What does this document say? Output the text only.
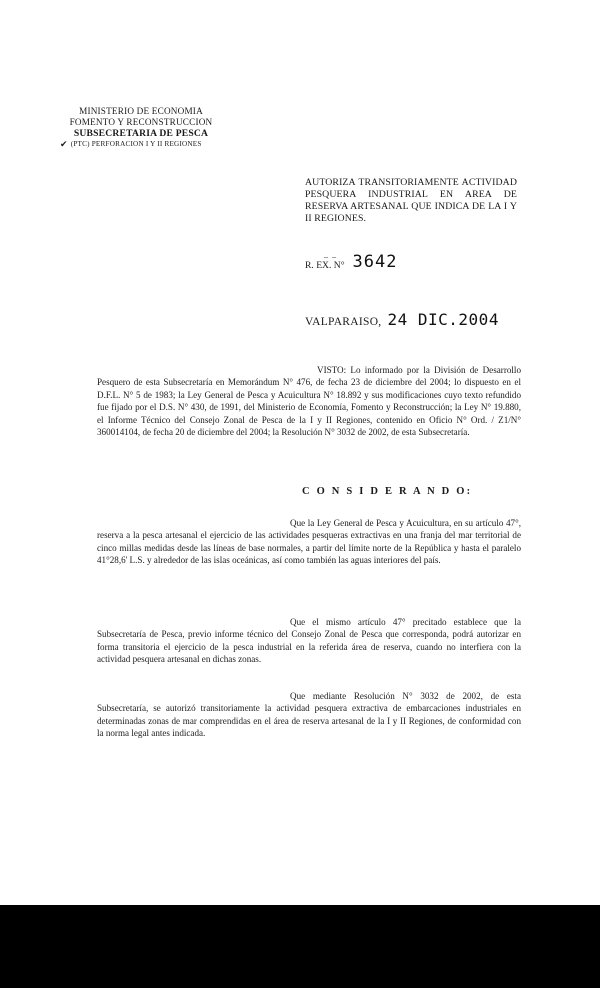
MINISTERIO DE ECONOMIA
FOMENTO Y RECONSTRUCCION
SUBSECRETARIA DE PESCA
✔ (PTC) PERFORACION I Y II REGIONES
AUTORIZA TRANSITORIAMENTE ACTIVIDAD PESQUERA INDUSTRIAL EN AREA DE RESERVA ARTESANAL QUE INDICA DE LA I Y II REGIONES.
– –
R. EX. N° 3642
VALPARAISO, 24 DIC.2004
VISTO: Lo informado por la División de Desarrollo Pesquero de esta Subsecretaría en Memorándum N° 476, de fecha 23 de diciembre del 2004; lo dispuesto en el D.F.L. N° 5 de 1983; la Ley General de Pesca y Acuicultura N° 18.892 y sus modificaciones cuyo texto refundido fue fijado por el D.S. N° 430, de 1991, del Ministerio de Economía, Fomento y Reconstrucción; la Ley N° 19.880, el Informe Técnico del Consejo Zonal de Pesca de la I y II Regiones, contenido en Oficio N° Ord. / Z1/N° 360014104, de fecha 20 de diciembre del 2004; la Resolución N° 3032 de 2002, de esta Subsecretaría.
C O N S I D E R A N D O:
Que la Ley General de Pesca y Acuicultura, en su artículo 47°, reserva a la pesca artesanal el ejercicio de las actividades pesqueras extractivas en una franja del mar territorial de cinco millas medidas desde las líneas de base normales, a partir del límite norte de la República y hasta el paralelo 41°28,6' L.S. y alrededor de las islas oceánicas, así como también las aguas interiores del país.
Que el mismo artículo 47° precitado establece que la Subsecretaría de Pesca, previo informe técnico del Consejo Zonal de Pesca que corresponda, podrá autorizar en forma transitoria el ejercicio de la pesca industrial en la referida área de reserva, cuando no interfiera con la actividad pesquera artesanal en dichas zonas.
Que mediante Resolución N° 3032 de 2002, de esta Subsecretaría, se autorizó transitoriamente la actividad pesquera extractiva de embarcaciones industriales en determinadas zonas de mar comprendidas en el área de reserva artesanal de la I y II Regiones, de conformidad con la norma legal antes indicada.
